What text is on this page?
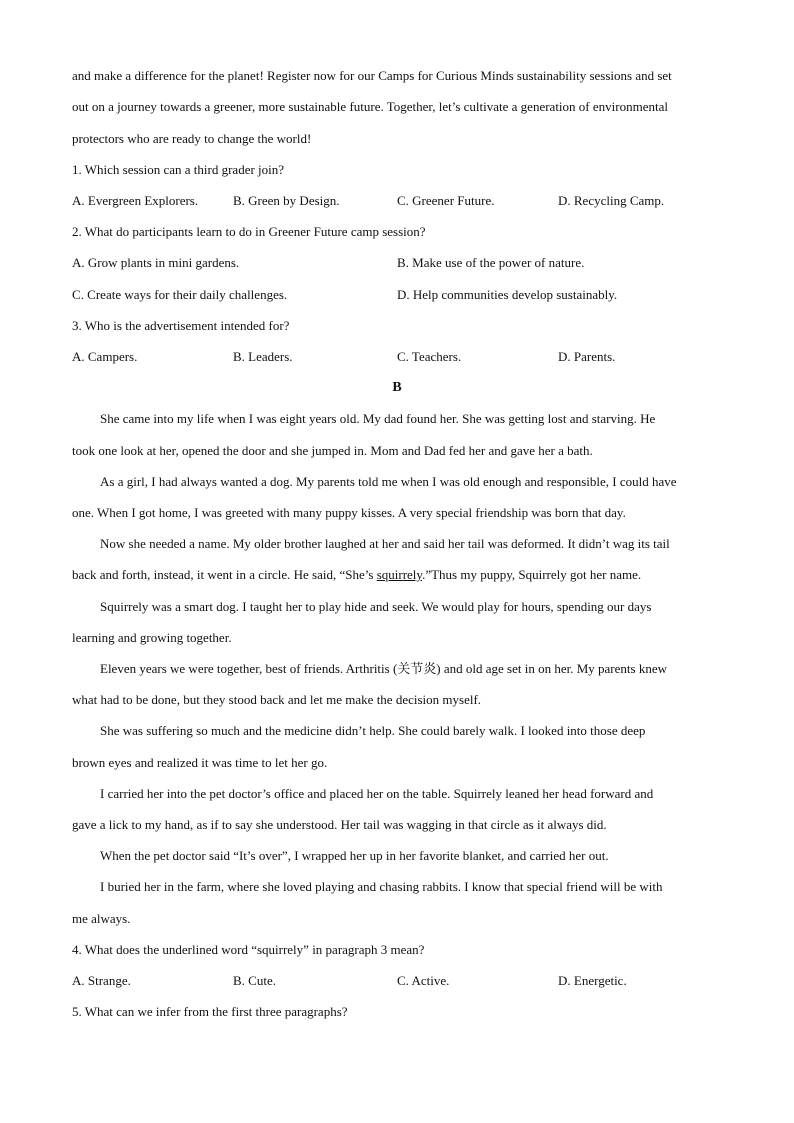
and make a difference for the planet! Register now for our Camps for Curious Minds sustainability sessions and set
out on a journey towards a greener, more sustainable future. Together, let’s cultivate a generation of environmental
protectors who are ready to change the world!
1. Which session can a third grader join?
A. Evergreen Explorers.	B. Green by Design.	C. Greener Future.	D. Recycling Camp.
2. What do participants learn to do in Greener Future camp session?
A. Grow plants in mini gardens.	B. Make use of the power of nature.
C. Create ways for their daily challenges.	D. Help communities develop sustainably.
3. Who is the advertisement intended for?
A. Campers.	B. Leaders.	C. Teachers.	D. Parents.
B
She came into my life when I was eight years old. My dad found her. She was getting lost and starving. He
took one look at her, opened the door and she jumped in. Mom and Dad fed her and gave her a bath.
As a girl, I had always wanted a dog. My parents told me when I was old enough and responsible, I could have
one. When I got home, I was greeted with many puppy kisses. A very special friendship was born that day.
Now she needed a name. My older brother laughed at her and said her tail was deformed. It didn’t wag its tail
back and forth, instead, it went in a circle. He said, “She’s squirrely.”Thus my puppy, Squirrely got her name.
Squirrely was a smart dog. I taught her to play hide and seek. We would play for hours, spending our days
learning and growing together.
Eleven years we were together, best of friends. Arthritis (关节炎) and old age set in on her. My parents knew
what had to be done, but they stood back and let me make the decision myself.
She was suffering so much and the medicine didn’t help. She could barely walk. I looked into those deep
brown eyes and realized it was time to let her go.
I carried her into the pet doctor’s office and placed her on the table. Squirrely leaned her head forward and
gave a lick to my hand, as if to say she understood. Her tail was wagging in that circle as it always did.
When the pet doctor said “It’s over”, I wrapped her up in her favorite blanket, and carried her out.
I buried her in the farm, where she loved playing and chasing rabbits. I know that special friend will be with
me always.
4. What does the underlined word “squirrely” in paragraph 3 mean?
A. Strange.	B. Cute.	C. Active.	D. Energetic.
5. What can we infer from the first three paragraphs?
